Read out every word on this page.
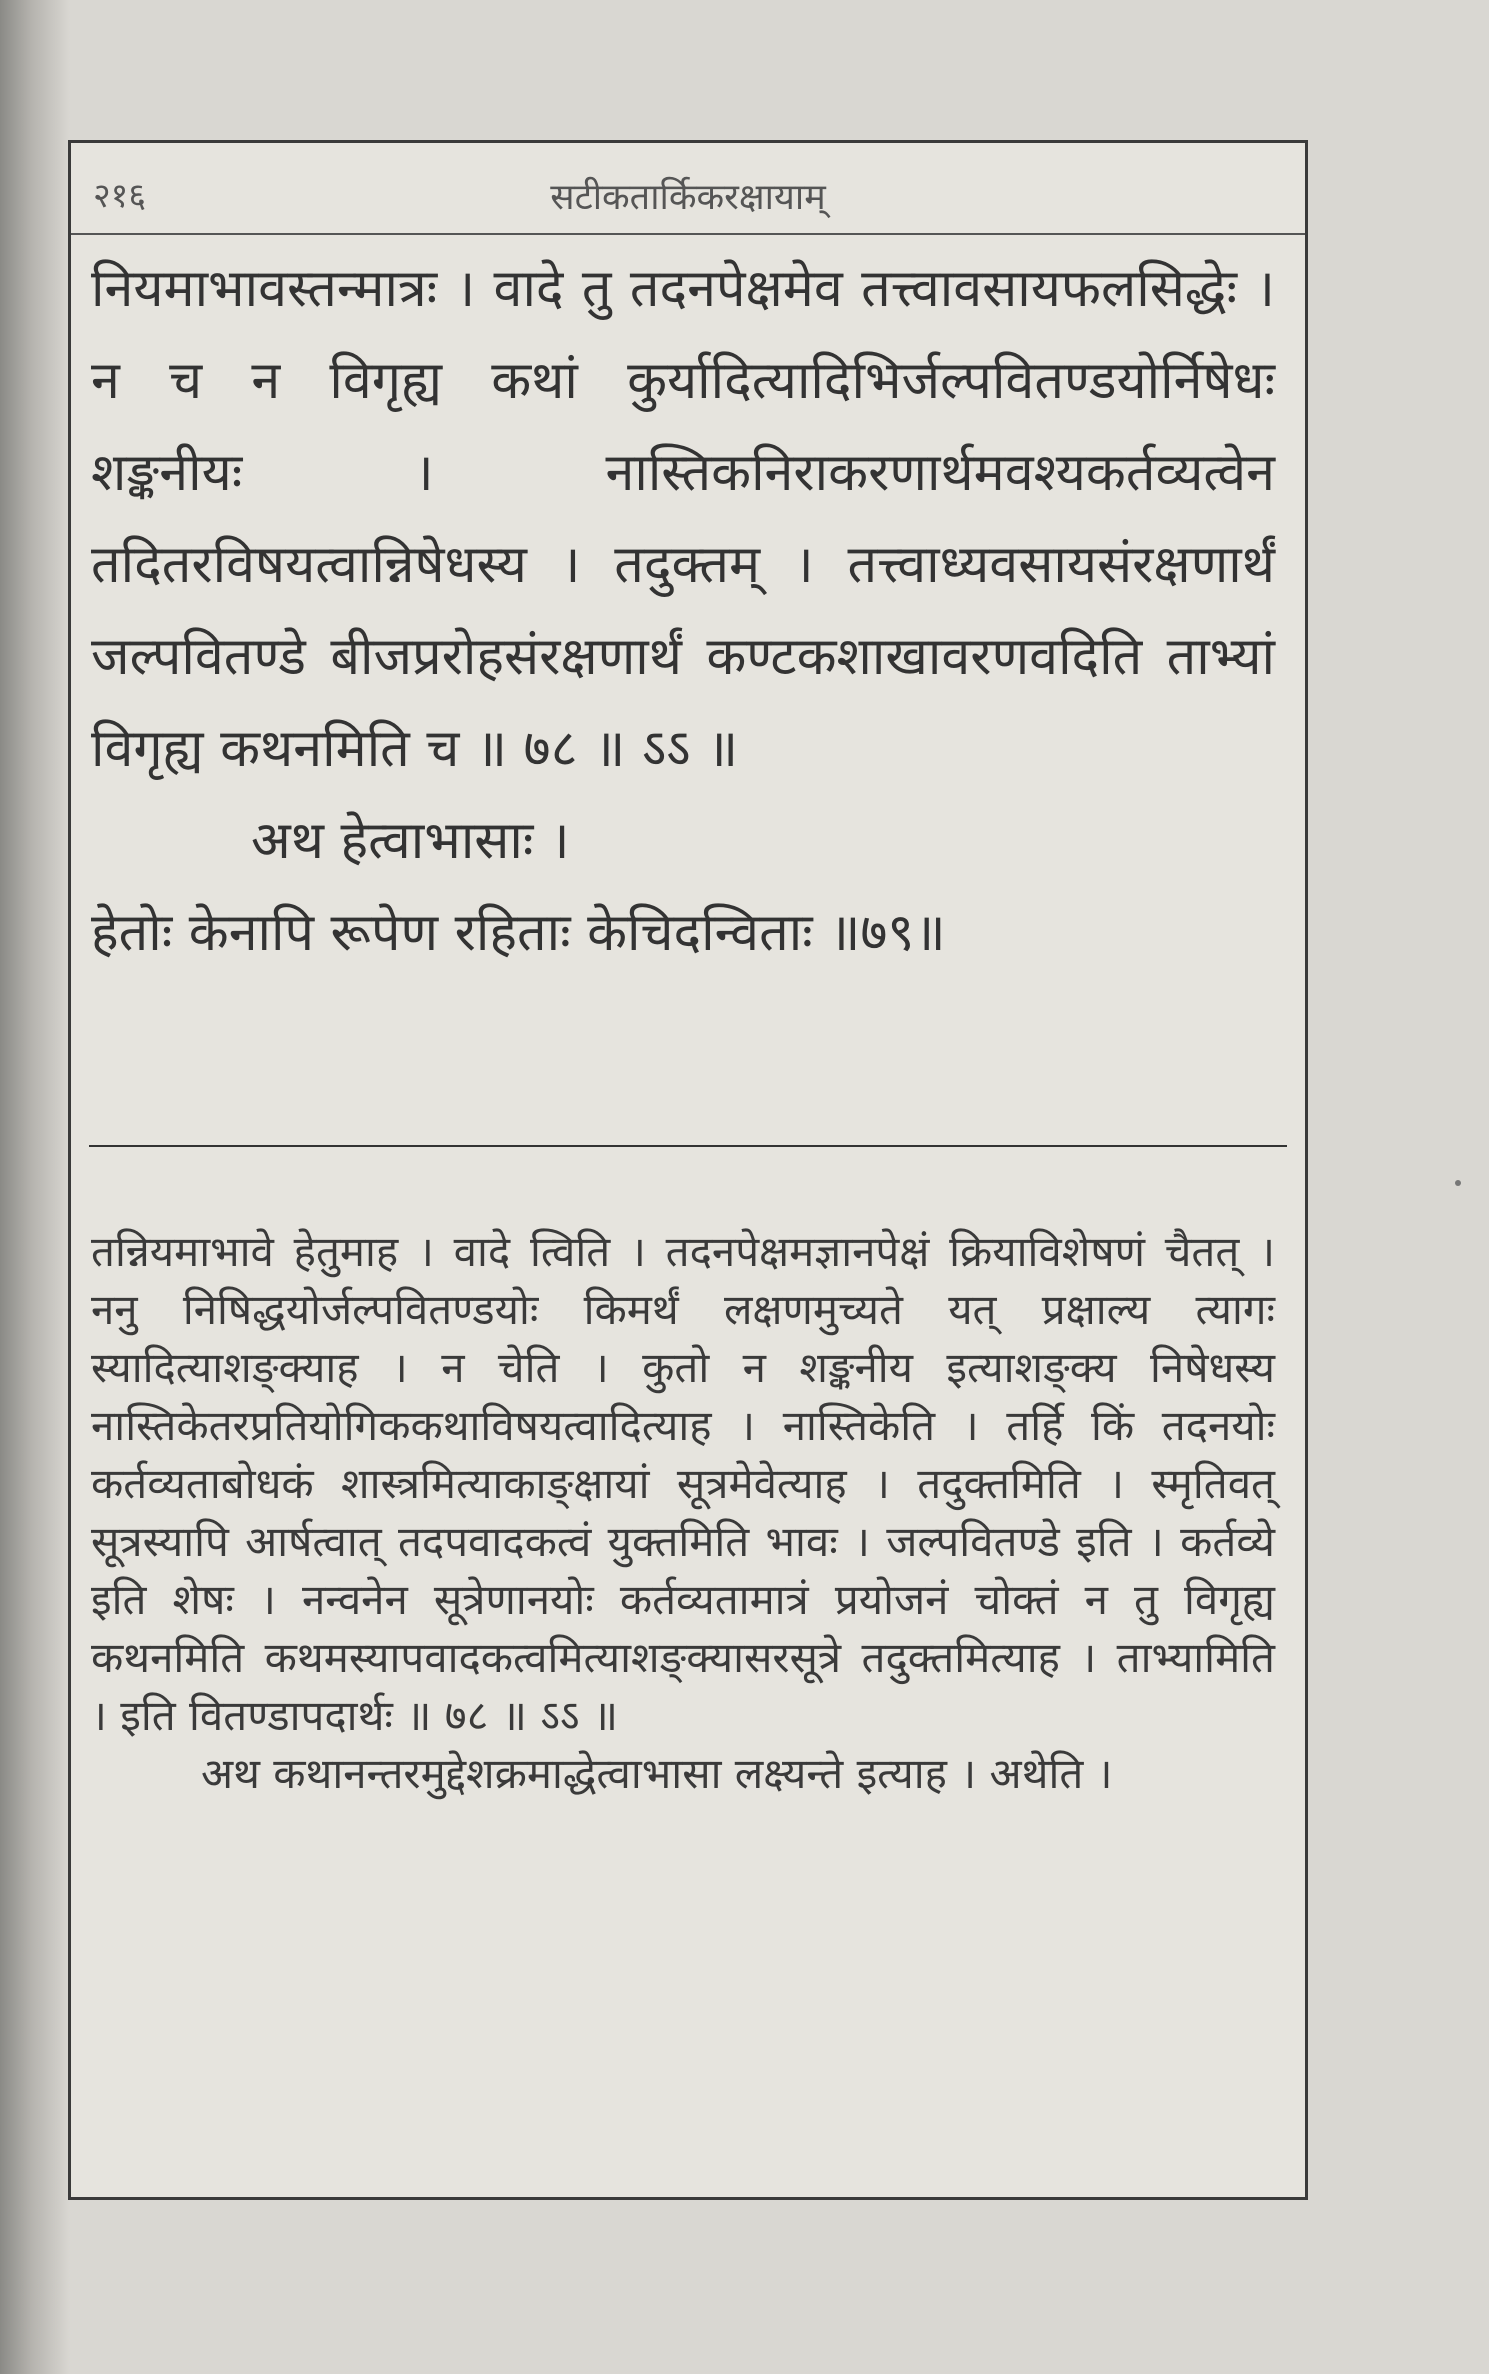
२१६	सटीकतार्किकरक्षायाम्

नियमाभावस्तन्मात्रः । वादे तु तदनपेक्षमेव तत्त्वावसायफलसिद्धेः । न च न विगृह्य कथां कुर्यादित्यादिभिर्जल्पवितण्डयोर्निषेधः शङ्कनीयः । नास्तिकनिराकरणार्थमवश्यकर्तव्यत्वेन तदितरविषयत्वान्निषेधस्य । तदुक्तम् । तत्त्वाध्यवसायसंरक्षणार्थं जल्पवितण्डे बीजप्ररोहसंरक्षणार्थं कण्टकशाखावरणवदिति ताभ्यां विगृह्य कथनमिति च ॥ ७८ ॥ ऽऽ ॥

अथ हेत्वाभासाः ।

हेतोः केनापि रूपेण रहिताः केचिदन्विताः ॥७९॥

तन्नियमाभावे हेतुमाह । वादे त्विति । तदनपेक्षमज्ञानपेक्षं क्रियाविशेषणं चैतत् । ननु निषिद्धयोर्जल्पवितण्डयोः किमर्थं लक्षणमुच्यते यत् प्रक्षाल्य त्यागः स्यादित्याशङ्क्याह । न चेति । कुतो न शङ्कनीय इत्याशङ्क्य निषेधस्य नास्तिकेतरप्रतियोगिककथाविषयत्वादित्याह । नास्तिकेति । तर्हि किं तदनयोः कर्तव्यताबोधकं शास्त्रमित्याकाङ्क्षायां सूत्रमेवेत्याह । तदुक्तमिति । स्मृतिवत् सूत्रस्यापि आर्षत्वात् तदपवादकत्वं युक्तमिति भावः । जल्पवितण्डे इति । कर्तव्ये इति शेषः । नन्वनेन सूत्रेणानयोः कर्तव्यतामात्रं प्रयोजनं चोक्तं न तु विगृह्य कथनमिति कथमस्यापवादकत्वमित्याशङ्क्यासरसूत्रे तदुक्तमित्याह । ताभ्यामिति । इति वितण्डापदार्थः ॥ ७८ ॥ ऽऽ ॥

अथ कथानन्तरमुद्देशक्रमाद्धेत्वाभासा लक्ष्यन्ते इत्याह । अथेति ।
